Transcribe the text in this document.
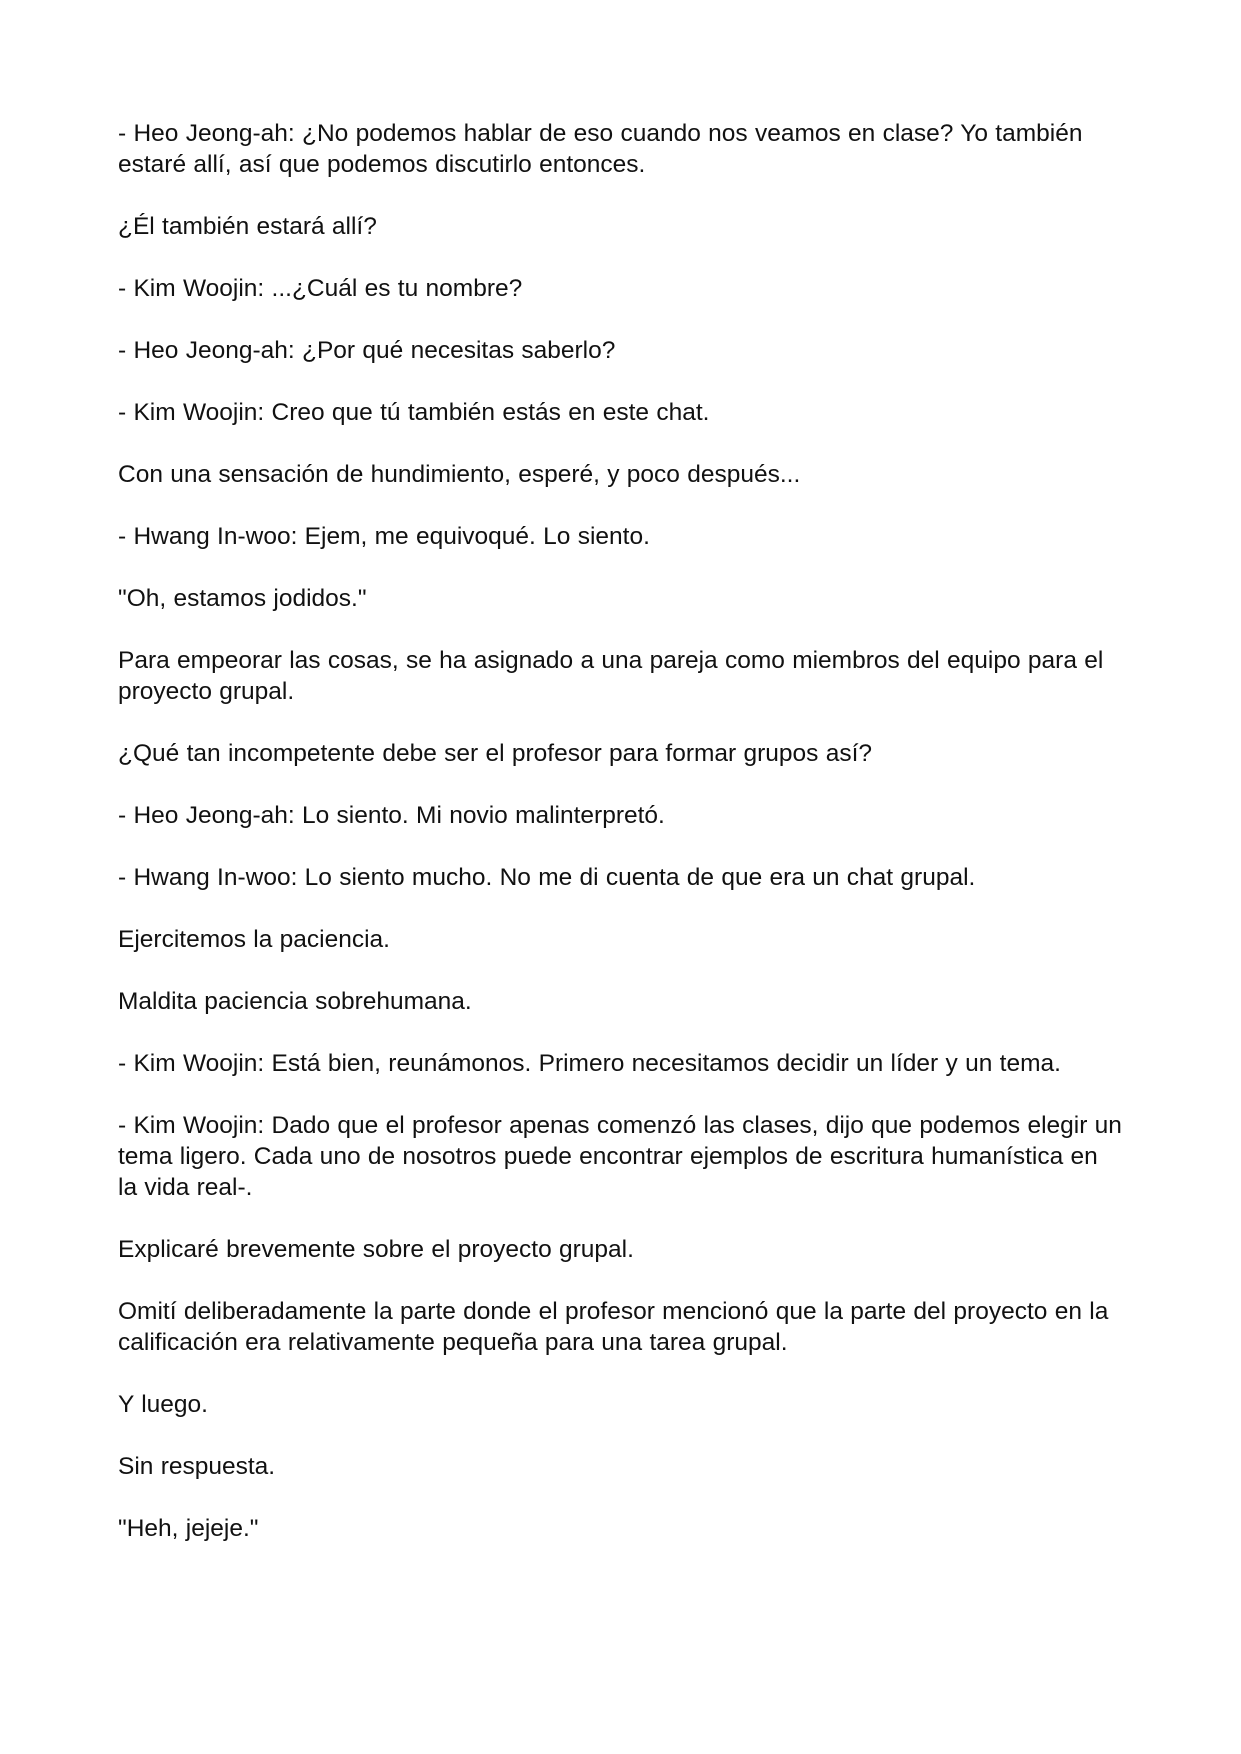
- Heo Jeong-ah: ¿No podemos hablar de eso cuando nos veamos en clase? Yo también estaré allí, así que podemos discutirlo entonces.

¿Él también estará allí?

- Kim Woojin: ...¿Cuál es tu nombre?

- Heo Jeong-ah: ¿Por qué necesitas saberlo?

- Kim Woojin: Creo que tú también estás en este chat.

Con una sensación de hundimiento, esperé, y poco después...

- Hwang In-woo: Ejem, me equivoqué. Lo siento.

"Oh, estamos jodidos."

Para empeorar las cosas, se ha asignado a una pareja como miembros del equipo para el proyecto grupal.

¿Qué tan incompetente debe ser el profesor para formar grupos así?

- Heo Jeong-ah: Lo siento. Mi novio malinterpretó.

- Hwang In-woo: Lo siento mucho. No me di cuenta de que era un chat grupal.

Ejercitemos la paciencia.

Maldita paciencia sobrehumana.

- Kim Woojin: Está bien, reunámonos. Primero necesitamos decidir un líder y un tema.

- Kim Woojin: Dado que el profesor apenas comenzó las clases, dijo que podemos elegir un tema ligero. Cada uno de nosotros puede encontrar ejemplos de escritura humanística en la vida real-.

Explicaré brevemente sobre el proyecto grupal.

Omití deliberadamente la parte donde el profesor mencionó que la parte del proyecto en la calificación era relativamente pequeña para una tarea grupal.

Y luego.

Sin respuesta.

"Heh, jejeje."
